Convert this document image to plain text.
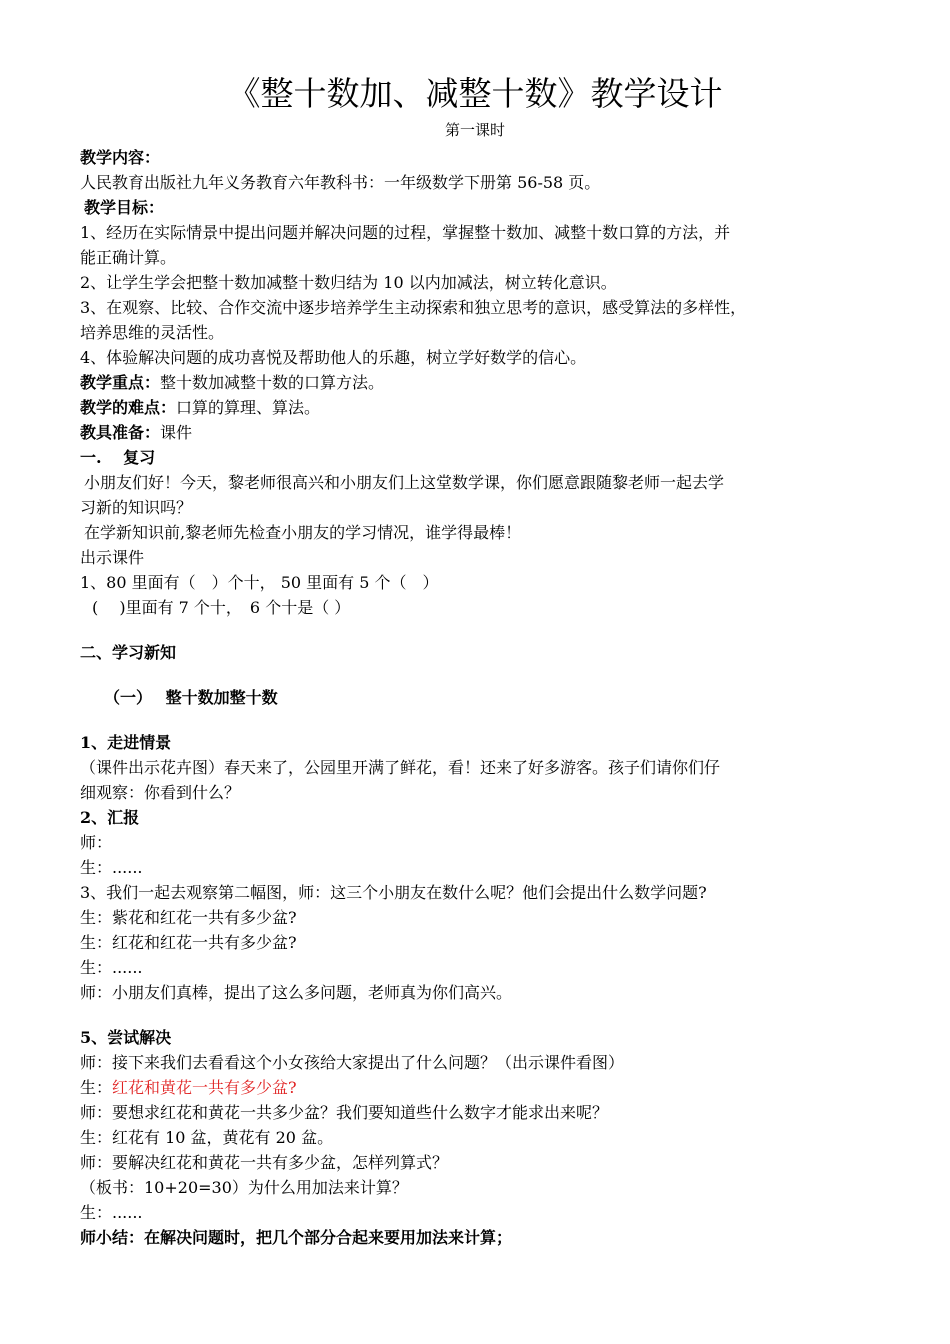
《整十数加、减整十数》教学设计
第一课时
教学内容：
人民教育出版社九年义务教育六年教科书：一年级数学下册第 56-58 页。
教学目标：
1、经历在实际情景中提出问题并解决问题的过程，掌握整十数加、减整十数口算的方法，并
能正确计算。
2、让学生学会把整十数加减整十数归结为 10 以内加减法，树立转化意识。
3、在观察、比较、合作交流中逐步培养学生主动探索和独立思考的意识，感受算法的多样性，
培养思维的灵活性。
4、体验解决问题的成功喜悦及帮助他人的乐趣，树立学好数学的信心。
教学重点：整十数加减整十数的口算方法。
教学的难点：口算的算理、算法。
教具准备：课件
一.　 复习
小朋友们好！今天，黎老师很高兴和小朋友们上这堂数学课，你们愿意跟随黎老师一起去学
习新的知识吗？
在学新知识前,黎老师先检查小朋友的学习情况，谁学得最棒！
出示课件
1、80 里面有（　）个十， 50 里面有 5 个（　）
(　 )里面有 7 个十，　6 个十是（ ）
二、学习新知
（一）　 整十数加整十数
1、走进情景
（课件出示花卉图）春天来了，公园里开满了鲜花，看！还来了好多游客。孩子们请你们仔
细观察：你看到什么？
2、汇报
师：
生：......
3、我们一起去观察第二幅图，师：这三个小朋友在数什么呢？他们会提出什么数学问题?
生：紫花和红花一共有多少盆?
生：红花和红花一共有多少盆?
生：......
师：小朋友们真棒，提出了这么多问题，老师真为你们高兴。
5、尝试解决
师：接下来我们去看看这个小女孩给大家提出了什么问题？（出示课件看图）
生：红花和黄花一共有多少盆?
师：要想求红花和黄花一共多少盆？我们要知道些什么数字才能求出来呢？
生：红花有 10 盆，黄花有 20 盆。
师：要解决红花和黄花一共有多少盆，怎样列算式？
（板书：10+20=30）为什么用加法来计算？
生：......
师小结：在解决问题时，把几个部分合起来要用加法来计算；
